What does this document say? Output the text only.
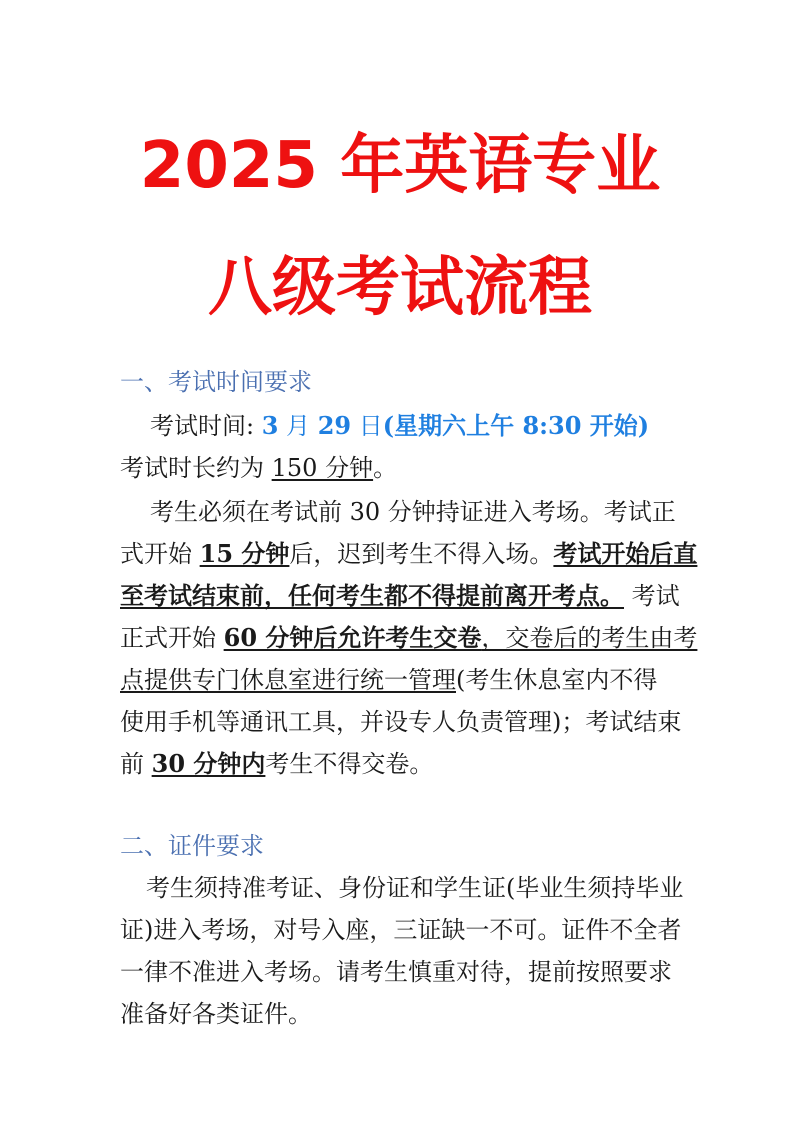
2025 年英语专业
八级考试流程
一、考试时间要求
考试时间: 3 月 29 日(星期六上午 8:30 开始)
考试时长约为 150 分钟。
考生必须在考试前 30 分钟持证进入考场。考试正
式开始 15 分钟后，迟到考生不得入场。考试开始后直
至考试结束前，任何考生都不得提前离开考点。 考试
正式开始 60 分钟后允许考生交卷，交卷后的考生由考
点提供专门休息室进行统一管理(考生休息室内不得
使用手机等通讯工具，并设专人负责管理)；考试结束
前 30 分钟内考生不得交卷。
二、证件要求
考生须持准考证、身份证和学生证(毕业生须持毕业
证)进入考场，对号入座，三证缺一不可。证件不全者
一律不准进入考场。请考生慎重对待，提前按照要求
准备好各类证件。
